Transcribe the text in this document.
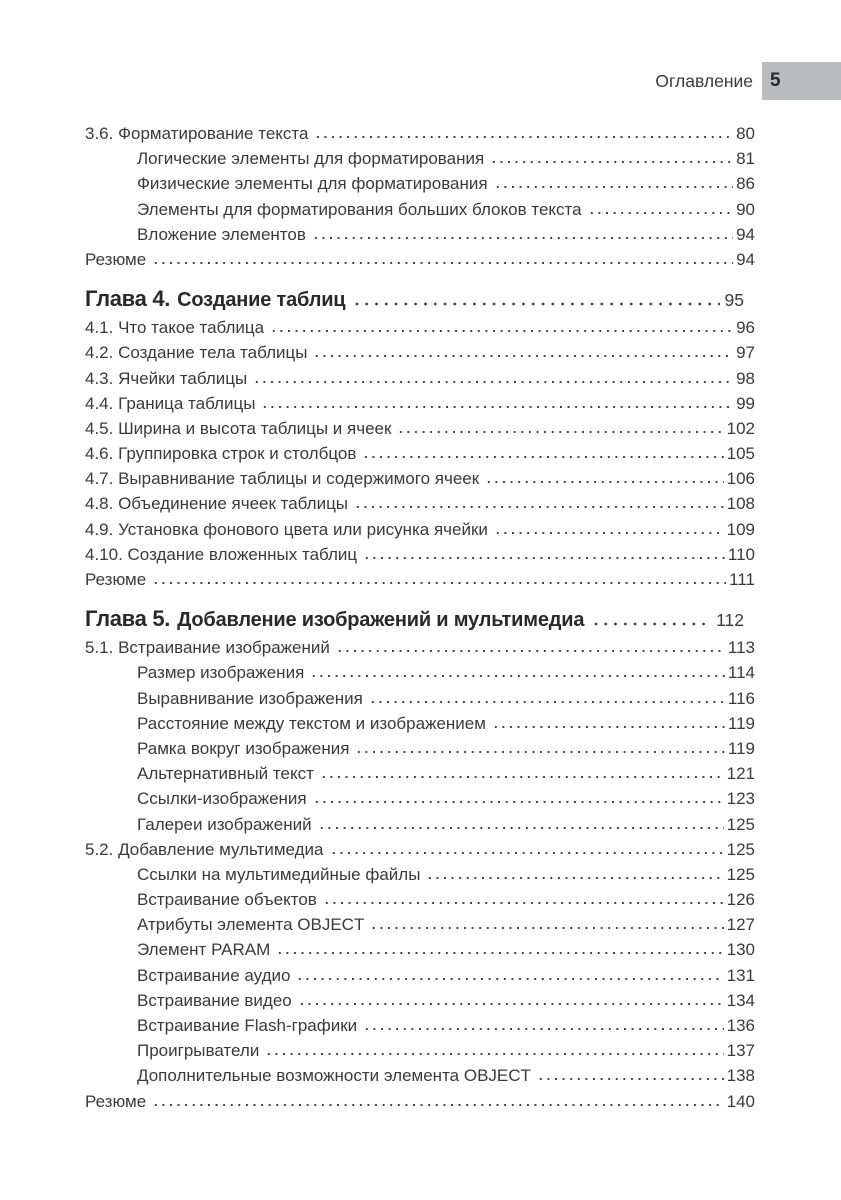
Оглавление 5
3.6. Форматирование текста	80
Логические элементы для форматирования	81
Физические элементы для форматирования	86
Элементы для форматирования больших блоков текста	90
Вложение элементов	94
Резюме	94
Глава 4. Создание таблиц	95
4.1. Что такое таблица	96
4.2. Создание тела таблицы	97
4.3. Ячейки таблицы	98
4.4. Граница таблицы	99
4.5. Ширина и высота таблицы и ячеек	102
4.6. Группировка строк и столбцов	105
4.7. Выравнивание таблицы и содержимого ячеек	106
4.8. Объединение ячеек таблицы	108
4.9. Установка фонового цвета или рисунка ячейки	109
4.10. Создание вложенных таблиц	110
Резюме	111
Глава 5. Добавление изображений и мультимедиа	112
5.1. Встраивание изображений	113
Размер изображения	114
Выравнивание изображения	116
Расстояние между текстом и изображением	119
Рамка вокруг изображения	119
Альтернативный текст	121
Ссылки-изображения	123
Галереи изображений	125
5.2. Добавление мультимедиа	125
Ссылки на мультимедийные файлы	125
Встраивание объектов	126
Атрибуты элемента OBJECT	127
Элемент PARAM	130
Встраивание аудио	131
Встраивание видео	134
Встраивание Flash-графики	136
Проигрыватели	137
Дополнительные возможности элемента OBJECT	138
Резюме	140
